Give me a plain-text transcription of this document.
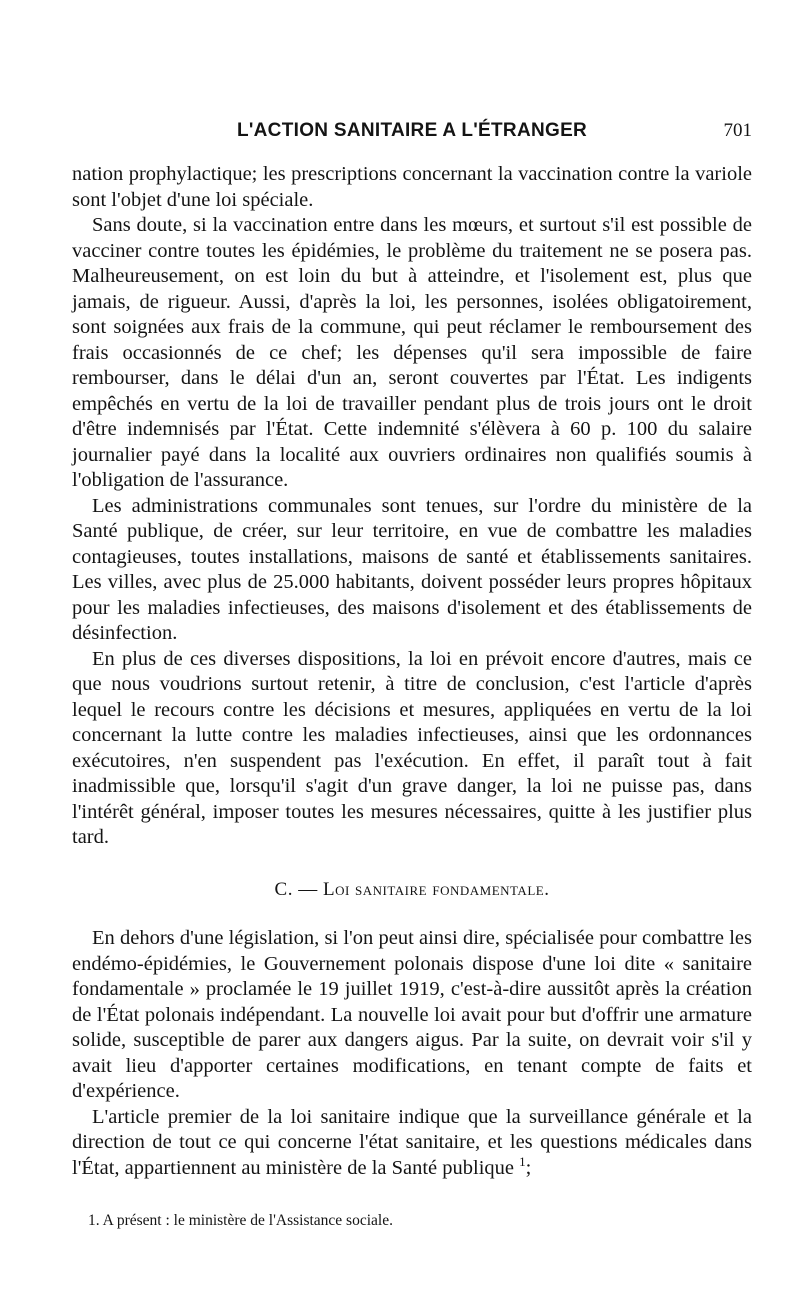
L'ACTION SANITAIRE A L'ÉTRANGER	701

nation prophylactique; les prescriptions concernant la vaccination contre la variole sont l'objet d'une loi spéciale.

Sans doute, si la vaccination entre dans les mœurs, et surtout s'il est possible de vacciner contre toutes les épidémies, le problème du traitement ne se posera pas. Malheureusement, on est loin du but à atteindre, et l'isolement est, plus que jamais, de rigueur. Aussi, d'après la loi, les personnes, isolées obligatoirement, sont soignées aux frais de la commune, qui peut réclamer le remboursement des frais occasionnés de ce chef; les dépenses qu'il sera impossible de faire rembourser, dans le délai d'un an, seront couvertes par l'État. Les indigents empêchés en vertu de la loi de travailler pendant plus de trois jours ont le droit d'être indemnisés par l'État. Cette indemnité s'élèvera à 60 p. 100 du salaire journalier payé dans la localité aux ouvriers ordinaires non qualifiés soumis à l'obligation de l'assurance.

Les administrations communales sont tenues, sur l'ordre du ministère de la Santé publique, de créer, sur leur territoire, en vue de combattre les maladies contagieuses, toutes installations, maisons de santé et établissements sanitaires. Les villes, avec plus de 25.000 habitants, doivent posséder leurs propres hôpitaux pour les maladies infectieuses, des maisons d'isolement et des établissements de désinfection.

En plus de ces diverses dispositions, la loi en prévoit encore d'autres, mais ce que nous voudrions surtout retenir, à titre de conclusion, c'est l'article d'après lequel le recours contre les décisions et mesures, appliquées en vertu de la loi concernant la lutte contre les maladies infectieuses, ainsi que les ordonnances exécutoires, n'en suspendent pas l'exécution. En effet, il paraît tout à fait inadmissible que, lorsqu'il s'agit d'un grave danger, la loi ne puisse pas, dans l'intérêt général, imposer toutes les mesures nécessaires, quitte à les justifier plus tard.

C. — Loi sanitaire fondamentale.

En dehors d'une législation, si l'on peut ainsi dire, spécialisée pour combattre les endémo-épidémies, le Gouvernement polonais dispose d'une loi dite « sanitaire fondamentale » proclamée le 19 juillet 1919, c'est-à-dire aussitôt après la création de l'État polonais indépendant. La nouvelle loi avait pour but d'offrir une armature solide, susceptible de parer aux dangers aigus. Par la suite, on devrait voir s'il y avait lieu d'apporter certaines modifications, en tenant compte de faits et d'expérience.

L'article premier de la loi sanitaire indique que la surveillance générale et la direction de tout ce qui concerne l'état sanitaire, et les questions médicales dans l'État, appartiennent au ministère de la Santé publique $^1$;

1. A présent : le ministère de l'Assistance sociale.
